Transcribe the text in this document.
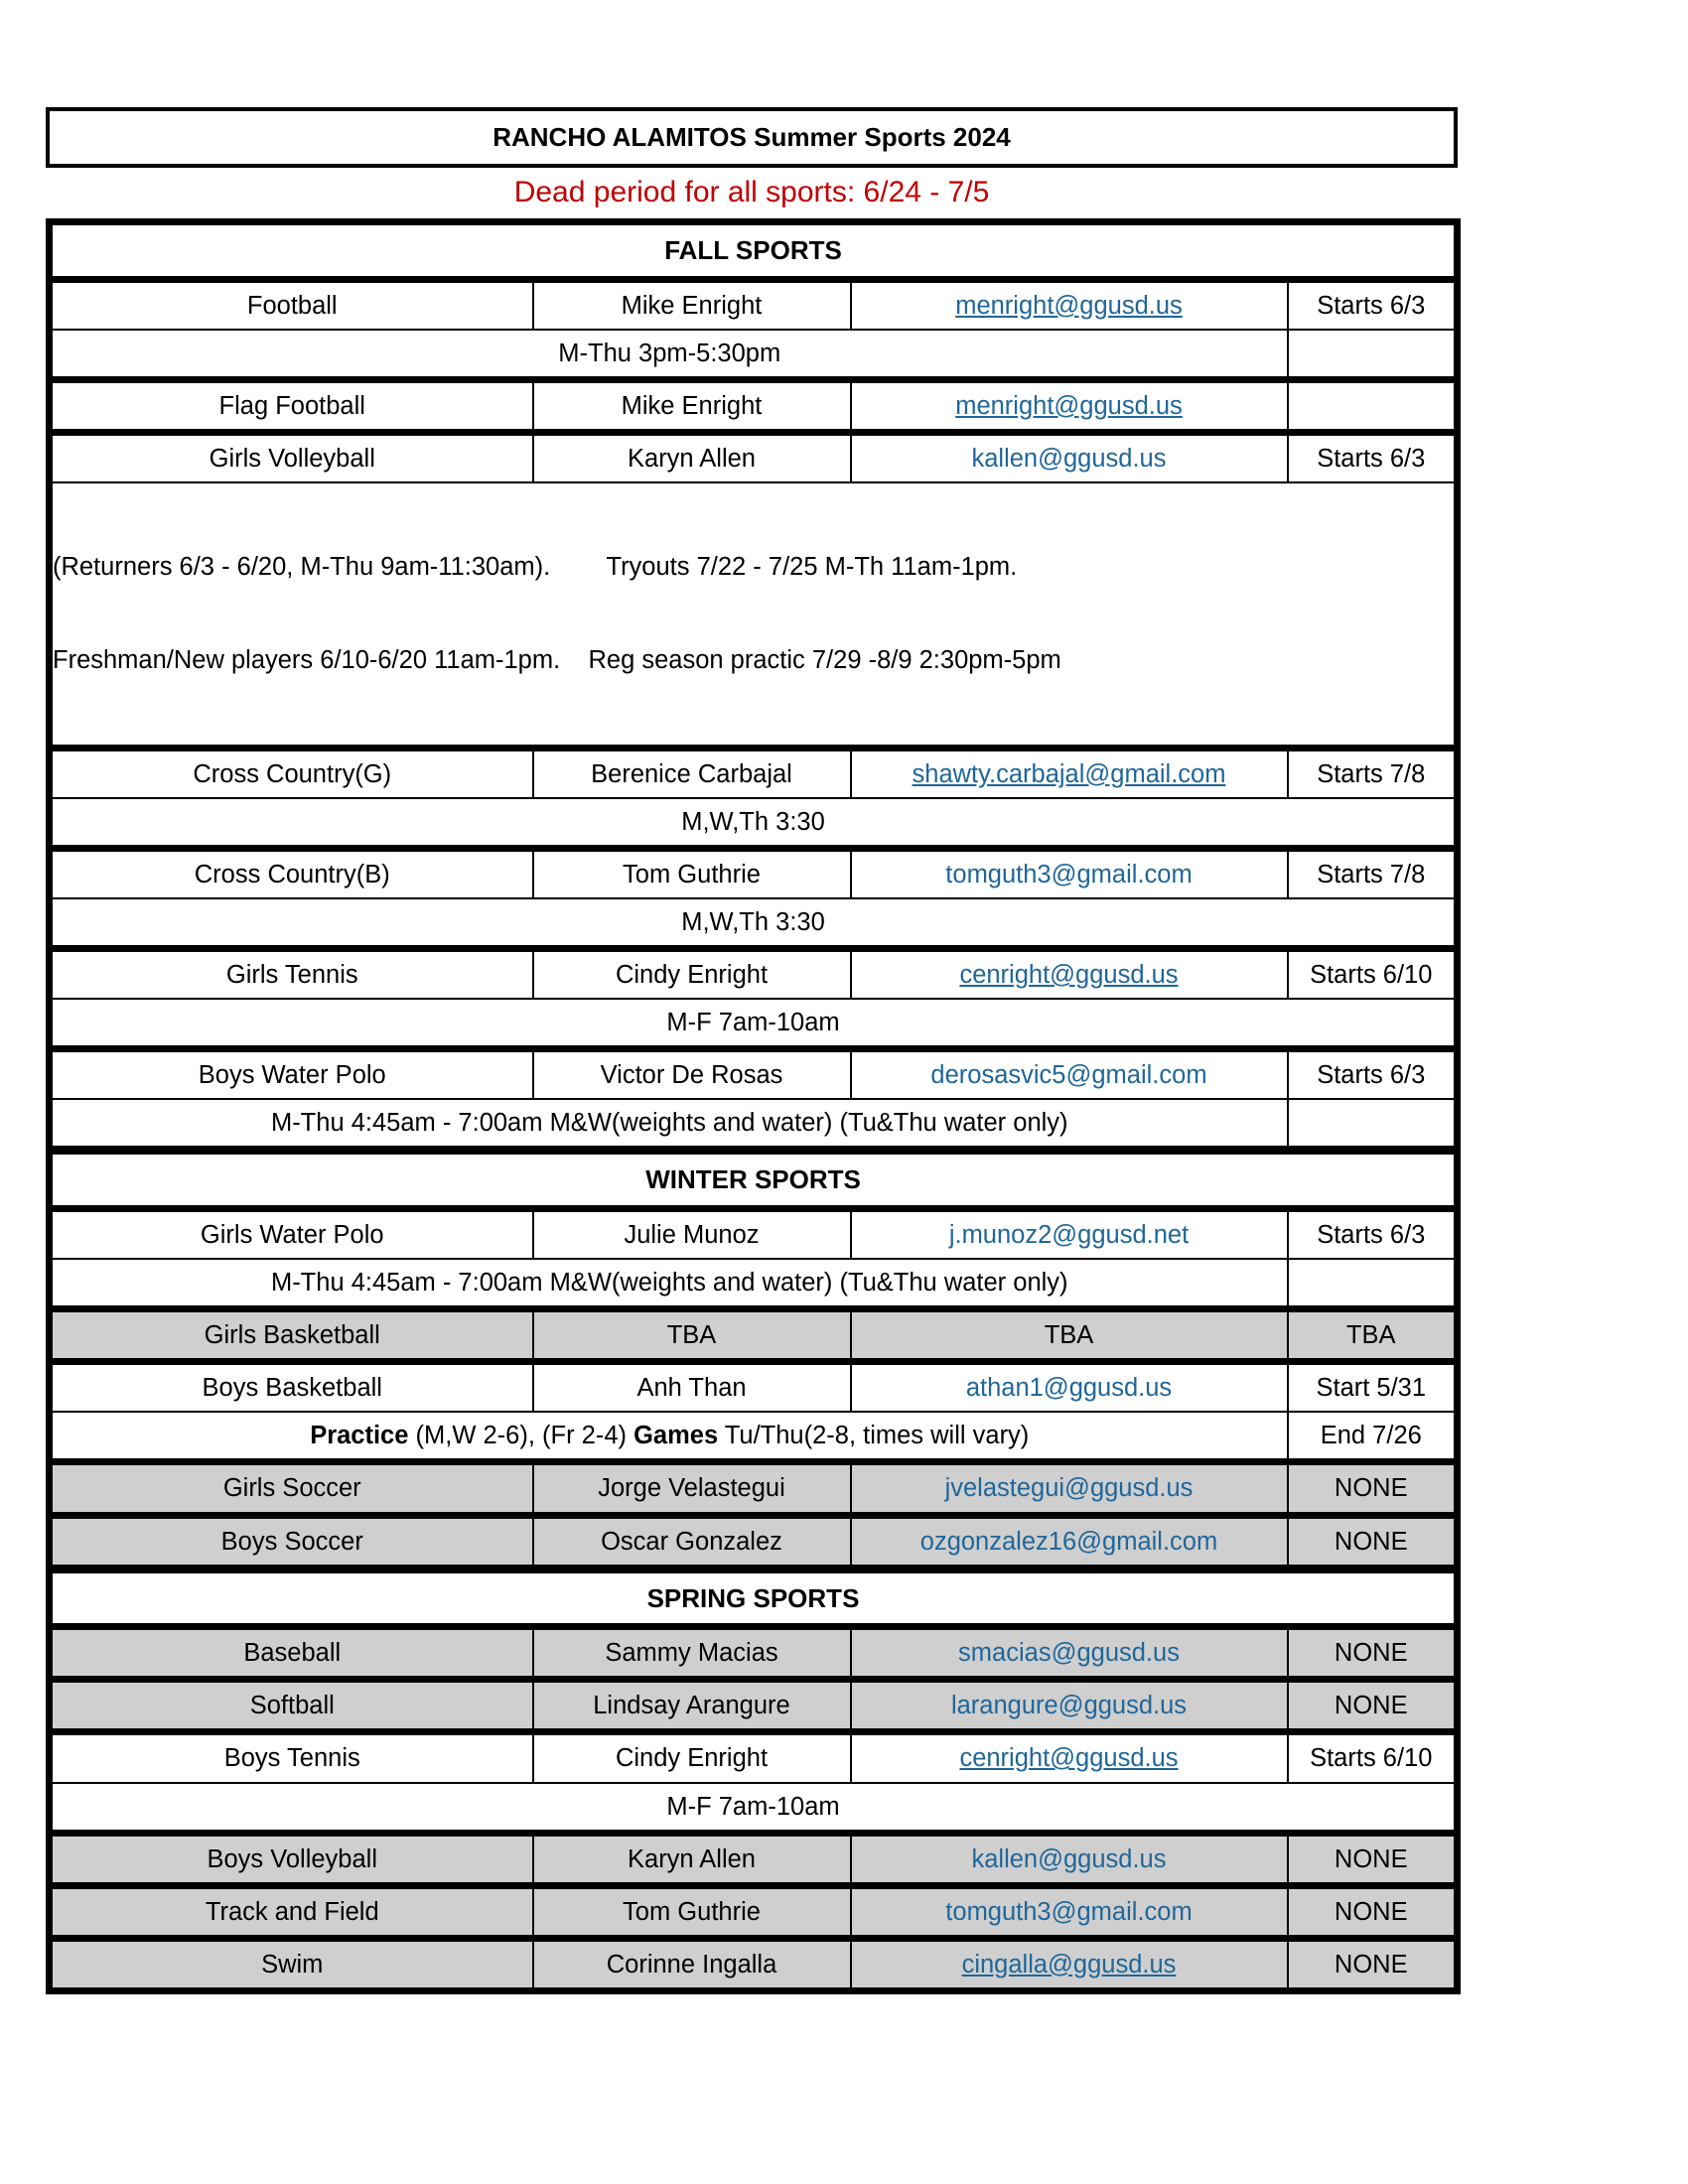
RANCHO ALAMITOS Summer Sports 2024
Dead period for all sports: 6/24 - 7/5
FALL SPORTS			
Football	Mike Enright	menright@ggusd.us	Starts 6/3
M-Thu 3pm-5:30pm			
Flag Football	Mike Enright	menright@ggusd.us	
Girls Volleyball	Karyn Allen	kallen@ggusd.us	Starts 6/3

(Returners 6/3 - 6/20, M-Thu 9am-11:30am).        Tryouts 7/22 - 7/25 M-Th 11am-1pm.

Freshman/New players 6/10-6/20 11am-1pm.    Reg season practic 7/29 -8/9 2:30pm-5pm			

Cross Country(G)	Berenice Carbajal	shawty.carbajal@gmail.com	Starts 7/8
M,W,Th 3:30			
Cross Country(B)	Tom Guthrie	tomguth3@gmail.com	Starts 7/8
M,W,Th 3:30			
Girls Tennis	Cindy Enright	cenright@ggusd.us	Starts 6/10
M-F 7am-10am			
Boys Water Polo	Victor De Rosas	derosasvic5@gmail.com	Starts 6/3
M-Thu 4:45am - 7:00am M&W(weights and water) (Tu&Thu water only)			
WINTER SPORTS			
Girls Water Polo	Julie Munoz	j.munoz2@ggusd.net	Starts 6/3
M-Thu 4:45am - 7:00am M&W(weights and water) (Tu&Thu water only)			
Girls Basketball	TBA	TBA	TBA
Boys Basketball	Anh Than	athan1@ggusd.us	Start 5/31
Practice (M,W 2-6), (Fr 2-4) Games Tu/Thu(2-8, times will vary)			End 7/26
Girls Soccer	Jorge Velastegui	jvelastegui@ggusd.us	NONE
Boys Soccer	Oscar Gonzalez	ozgonzalez16@gmail.com	NONE
SPRING SPORTS			
Baseball	Sammy Macias	smacias@ggusd.us	NONE
Softball	Lindsay Arangure	larangure@ggusd.us	NONE
Boys Tennis	Cindy Enright	cenright@ggusd.us	Starts 6/10
M-F 7am-10am			
Boys Volleyball	Karyn Allen	kallen@ggusd.us	NONE
Track and Field	Tom Guthrie	tomguth3@gmail.com	NONE
Swim	Corinne Ingalla	cingalla@ggusd.us	NONE
